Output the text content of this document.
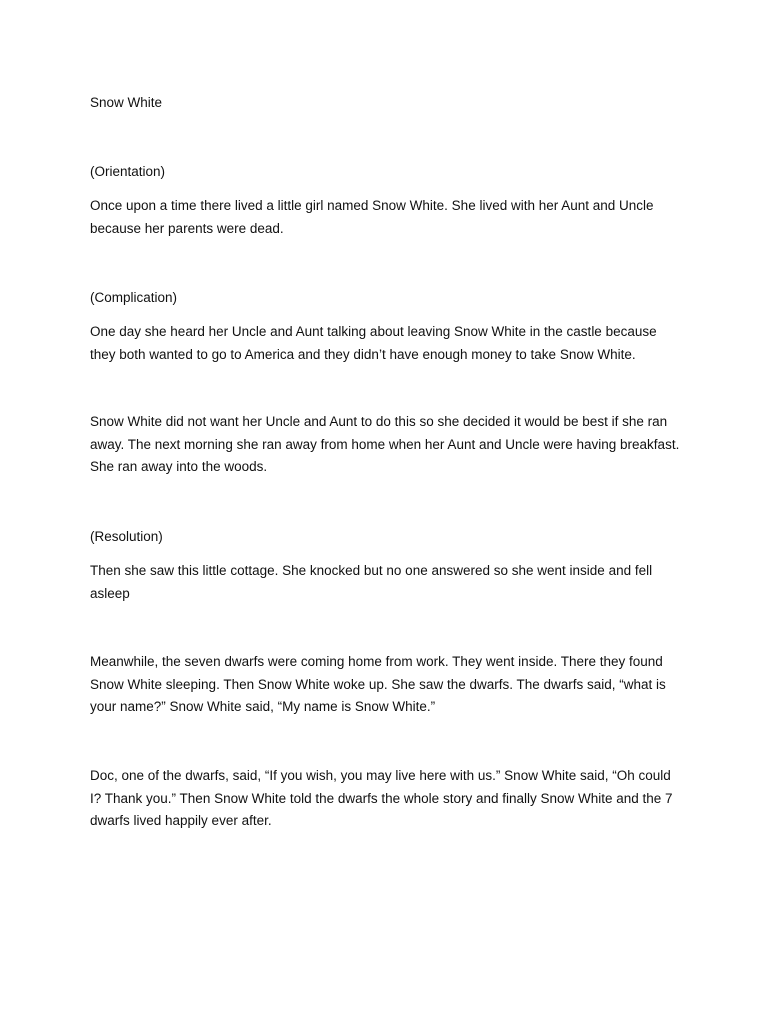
Snow White
(Orientation)
Once upon a time there lived a little girl named Snow White. She lived with her Aunt and Uncle because her parents were dead.
(Complication)
One day she heard her Uncle and Aunt talking about leaving Snow White in the castle because they both wanted to go to America and they didn’t have enough money to take Snow White.
Snow White did not want her Uncle and Aunt to do this so she decided it would be best if she ran away. The next morning she ran away from home when her Aunt and Uncle were having breakfast. She ran away into the woods.
(Resolution)
Then she saw this little cottage. She knocked but no one answered so she went inside and fell asleep
Meanwhile, the seven dwarfs were coming home from work. They went inside. There they found Snow White sleeping. Then Snow White woke up. She saw the dwarfs. The dwarfs said, “what is your name?” Snow White said, “My name is Snow White.”
Doc, one of the dwarfs, said, “If you wish, you may live here with us.” Snow White said, “Oh could I? Thank you.” Then Snow White told the dwarfs the whole story and finally Snow White and the 7 dwarfs lived happily ever after.
